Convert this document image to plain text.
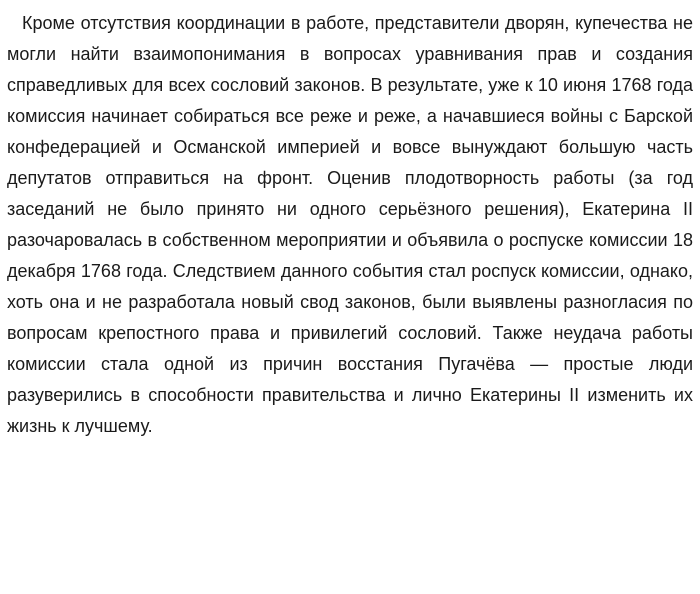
Кроме отсутствия координации в работе, представители дворян, купечества не могли найти взаимопонимания в вопросах уравнивания прав и создания справедливых для всех сословий законов. В результате, уже к 10 июня 1768 года комиссия начинает собираться все реже и реже, а начавшиеся войны с Барской конфедерацией и Османской империей и вовсе вынуждают большую часть депутатов отправиться на фронт. Оценив плодотворность работы (за год заседаний не было принято ни одного серьёзного решения), Екатерина II разочаровалась в собственном мероприятии и объявила о роспуске комиссии 18 декабря 1768 года. Следствием данного события стал роспуск комиссии, однако, хоть она и не разработала новый свод законов, были выявлены разногласия по вопросам крепостного права и привилегий сословий. Также неудача работы комиссии стала одной из причин восстания Пугачёва — простые люди разуверились в способности правительства и лично Екатерины II изменить их жизнь к лучшему.
